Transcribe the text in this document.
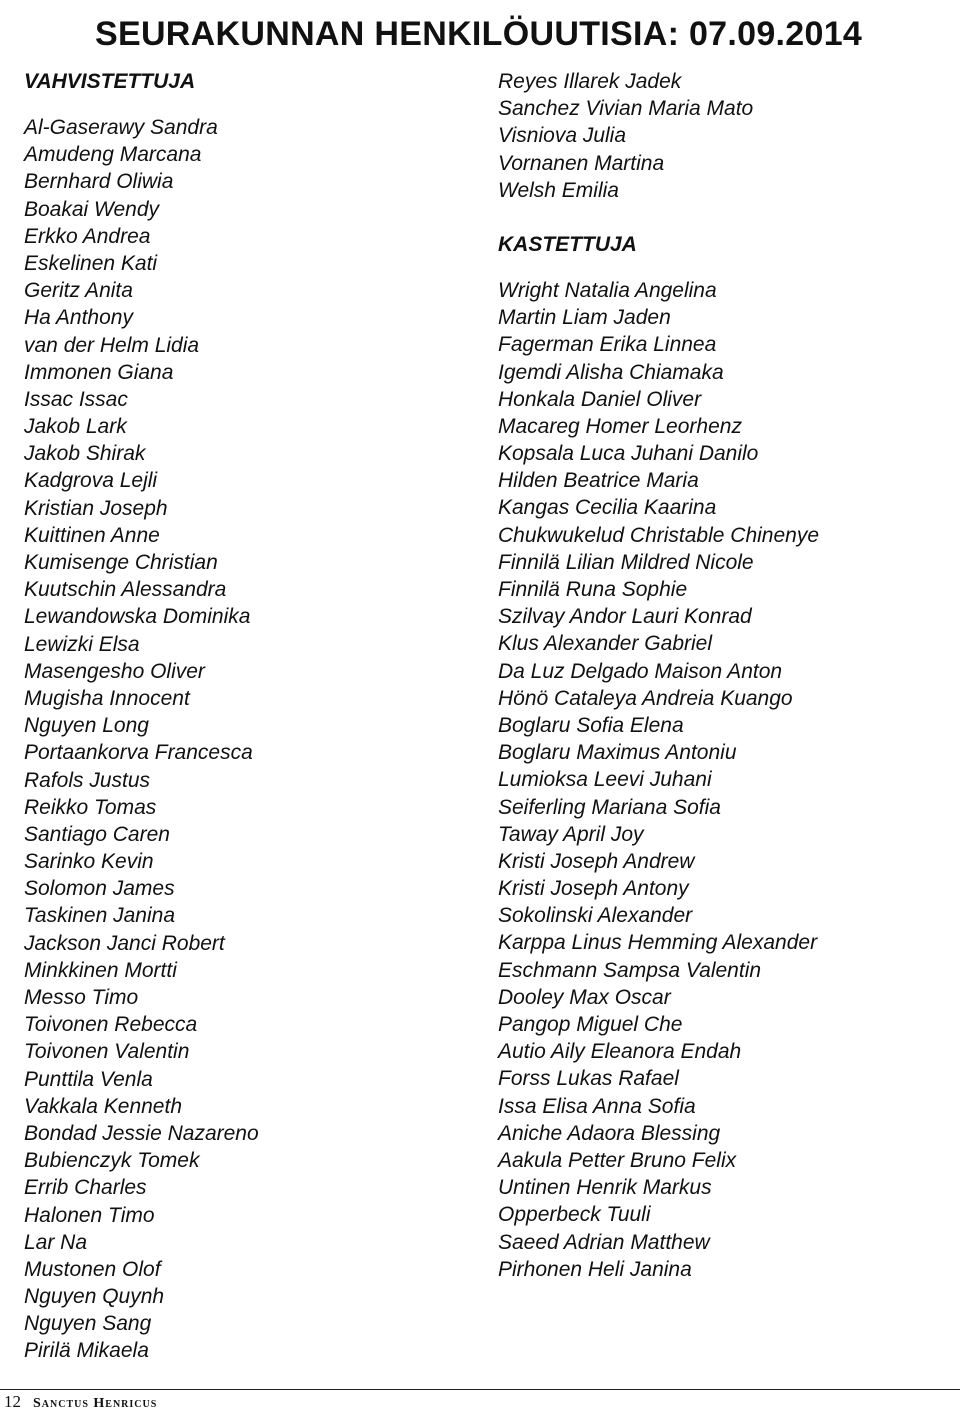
SEURAKUNNAN HENKILÖUUTISIA: 07.09.2014
VAHVISTETTUJA
Al-Gaserawy Sandra
Amudeng Marcana
Bernhard Oliwia
Boakai Wendy
Erkko Andrea
Eskelinen Kati
Geritz Anita
Ha Anthony
van der Helm Lidia
Immonen Giana
Issac Issac
Jakob Lark
Jakob Shirak
Kadgrova Lejli
Kristian Joseph
Kuittinen Anne
Kumisenge Christian
Kuutschin Alessandra
Lewandowska Dominika
Lewizki Elsa
Masengesho Oliver
Mugisha Innocent
Nguyen Long
Portaankorva Francesca
Rafols Justus
Reikko Tomas
Santiago Caren
Sarinko Kevin
Solomon James
Taskinen Janina
Jackson Janci Robert
Minkkinen Mortti
Messo Timo
Toivonen Rebecca
Toivonen Valentin
Punttila Venla
Vakkala Kenneth
Bondad Jessie Nazareno
Bubienczyk Tomek
Errib Charles
Halonen Timo
Lar Na
Mustonen Olof
Nguyen Quynh
Nguyen Sang
Pirilä Mikaela
Reyes Illarek Jadek
Sanchez Vivian Maria Mato
Visniova Julia
Vornanen Martina
Welsh Emilia
KASTETTUJA
Wright Natalia Angelina
Martin Liam Jaden
Fagerman Erika Linnea
Igemdi Alisha Chiamaka
Honkala Daniel Oliver
Macareg Homer Leorhenz
Kopsala Luca Juhani Danilo
Hilden Beatrice Maria
Kangas Cecilia Kaarina
Chukwukelud Christable Chinenye
Finnilä Lilian Mildred Nicole
Finnilä Runa Sophie
Szilvay Andor Lauri Konrad
Klus Alexander Gabriel
Da Luz Delgado Maison Anton
Hönö Cataleya Andreia Kuango
Boglaru Sofia Elena
Boglaru Maximus Antoniu
Lumioksa Leevi Juhani
Seiferling Mariana Sofia
Taway April Joy
Kristi Joseph Andrew
Kristi Joseph Antony
Sokolinski Alexander
Karppa Linus Hemming Alexander
Eschmann Sampsa Valentin
Dooley Max Oscar
Pangop Miguel Che
Autio Aily Eleanora Endah
Forss Lukas Rafael
Issa Elisa Anna Sofia
Aniche Adaora Blessing
Aakula Petter Bruno Felix
Untinen Henrik Markus
Opperbeck Tuuli
Saeed Adrian Matthew
Pirhonen Heli Janina
12 Sanctus Henricus
